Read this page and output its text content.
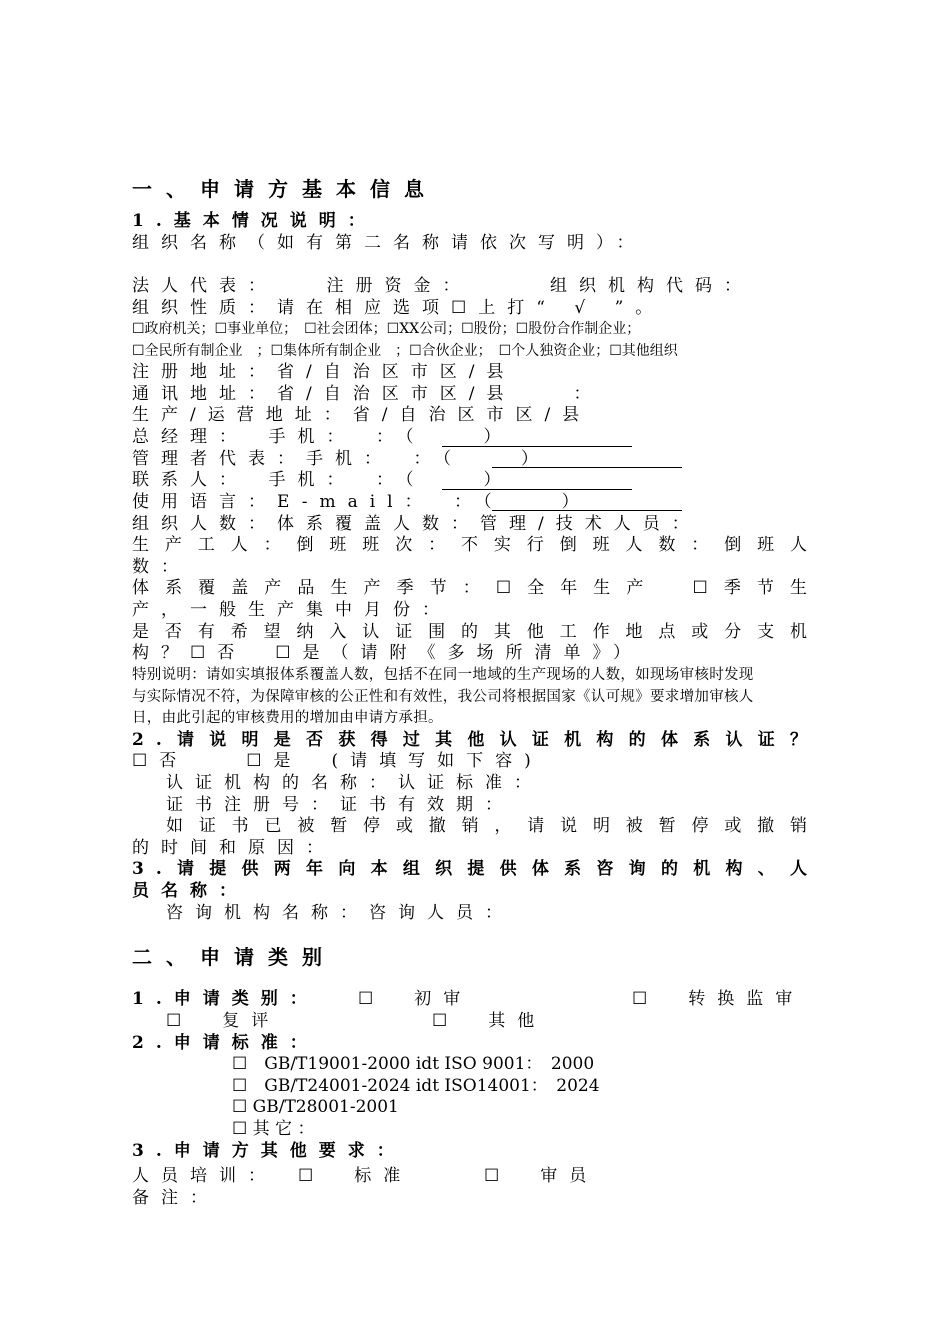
一、申请方基本信息
1.基本情况说明：
组织名称（如有第二名称请依次写明）：
法人代表：　　注册资金：　　　组织机构代码：
组织性质：请在相应选项☐上打“ √ ”。
☐政府机关；☐事业单位；　☐社会团体；☐XX公司；☐股份；☐股份合作制企业；
☐全民所有制企业　；☐集体所有制企业　；☐合伙企业；　☐个人独资企业；☐其他组织
注册地址：省/自治区市区/县
通讯地址：省/自治区市区/县　　：
生产/运营地址：省/自治区市区/县
总经理：　手机：　：（　　）
管理者代表：手机：　：（　　）
联系人：　手机：　：（　　）
使用语言：E-mail：　：（　　）
组织人数：体系覆盖人数：管理/技术人员：
生产工人：倒班班次：不实行倒班人数：倒班人
数：
体系覆盖产品生产季节：☐全年生产　☐季节生
产，一般生产集中月份：
是否有希望纳入认证围的其他工作地点或分支机
构？☐否　☐是（请附《多场所清单》）
特别说明：请如实填报体系覆盖人数，包括不在同一地域的生产现场的人数，如现场审核时发现
与实际情况不符，为保障审核的公正性和有效性，我公司将根据国家《认可规》要求增加审核人
日，由此引起的审核费用的增加由申请方承担。
2.请说明是否获得过其他认证机构的体系认证？
☐否　　☐是　(请填写如下容)
认证机构的名称：认证标准：
证书注册号：证书有效期：
如证书已被暂停或撤销，请说明被暂停或撤销
的时间和原因：
3.请提供两年向本组织提供体系咨询的机构、人
员名称：
咨询机构名称：咨询人员：
二、申请类别
1.申请类别： ☐　初审	☐　转换监审
☐　复评	☐　其他
2.申请标准：
☐　GB/T19001-2000 idt ISO 9001：　2000
☐　GB/T24001-2024 idt ISO14001：　2024
☐ GB/T28001-2001
☐ 其 它 ：
3.申请方其他要求：
人员培训： ☐　标准	☐　审员
备注：
